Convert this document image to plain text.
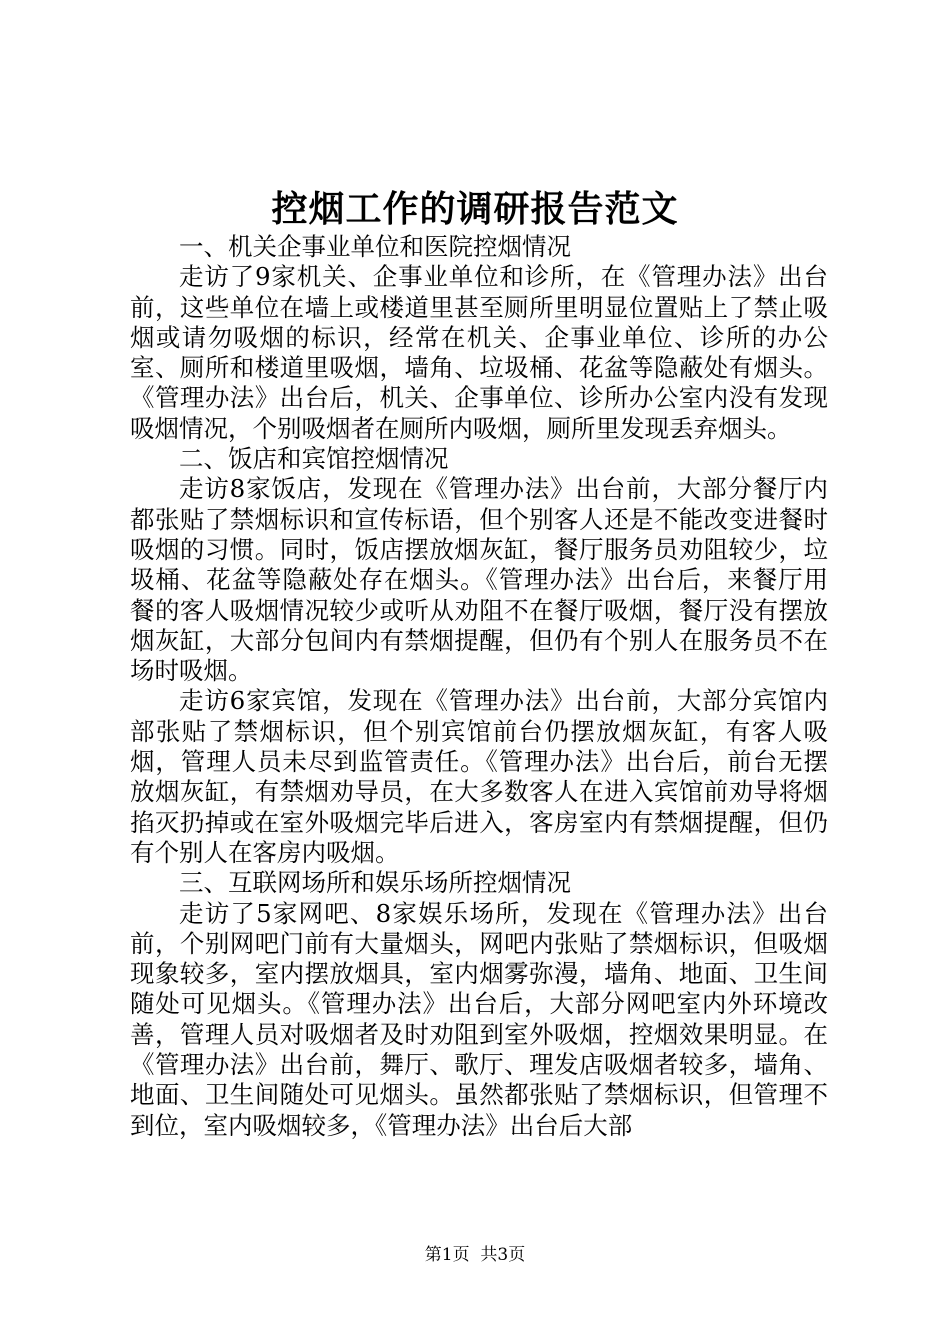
控烟工作的调研报告范文

一、机关企事业单位和医院控烟情况

走访了9家机关、企事业单位和诊所，在《管理办法》出台前，这些单位在墙上或楼道里甚至厕所里明显位置贴上了禁止吸烟或请勿吸烟的标识，经常在机关、企事业单位、诊所的办公室、厕所和楼道里吸烟，墙角、垃圾桶、花盆等隐蔽处有烟头。《管理办法》出台后，机关、企事单位、诊所办公室内没有发现吸烟情况，个别吸烟者在厕所内吸烟，厕所里发现丢弃烟头。

二、饭店和宾馆控烟情况

走访8家饭店，发现在《管理办法》出台前，大部分餐厅内都张贴了禁烟标识和宣传标语，但个别客人还是不能改变进餐时吸烟的习惯。同时，饭店摆放烟灰缸，餐厅服务员劝阻较少，垃圾桶、花盆等隐蔽处存在烟头。《管理办法》出台后，来餐厅用餐的客人吸烟情况较少或听从劝阻不在餐厅吸烟，餐厅没有摆放烟灰缸，大部分包间内有禁烟提醒，但仍有个别人在服务员不在场时吸烟。

走访6家宾馆，发现在《管理办法》出台前，大部分宾馆内部张贴了禁烟标识，但个别宾馆前台仍摆放烟灰缸，有客人吸烟，管理人员未尽到监管责任。《管理办法》出台后，前台无摆放烟灰缸，有禁烟劝导员，在大多数客人在进入宾馆前劝导将烟掐灭扔掉或在室外吸烟完毕后进入，客房室内有禁烟提醒，但仍有个别人在客房内吸烟。

三、互联网场所和娱乐场所控烟情况

走访了5家网吧、8家娱乐场所，发现在《管理办法》出台前，个别网吧门前有大量烟头，网吧内张贴了禁烟标识，但吸烟现象较多，室内摆放烟具，室内烟雾弥漫，墙角、地面、卫生间随处可见烟头。《管理办法》出台后，大部分网吧室内外环境改善，管理人员对吸烟者及时劝阻到室外吸烟，控烟效果明显。在《管理办法》出台前，舞厅、歌厅、理发店吸烟者较多，墙角、地面、卫生间随处可见烟头。虽然都张贴了禁烟标识，但管理不到位，室内吸烟较多，《管理办法》出台后大部

第1页 共3页
